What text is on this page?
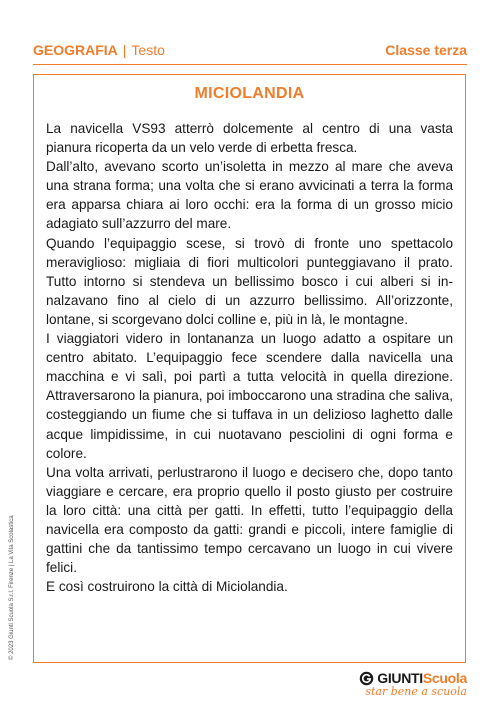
GEOGRAFIA | Testo	Classe terza
MICIOLANDIA

La navicella VS93 atterrò dolcemente al centro di una vasta pianura ricoperta da un velo verde di erbetta fresca.

Dall’alto, avevano scorto un’isoletta in mezzo al mare che aveva una strana forma; una volta che si erano avvicinati a terra la forma era apparsa chiara ai loro occhi: era la forma di un grosso micio adagiato sull’azzurro del mare.

Quando l’equipaggio scese, si trovò di fronte uno spettacolo meraviglioso: migliaia di fiori multicolori punteggiavano il prato. Tutto intorno si stendeva un bellissimo bosco i cui alberi si innalzavano fino al cielo di un azzurro bellissimo. All’orizzonte, lontane, si scorgevano dolci colline e, più in là, le montagne.

I viaggiatori videro in lontananza un luogo adatto a ospitare un centro abitato. L’equipaggio fece scendere dalla navicella una macchina e vi salì, poi partì a tutta velocità in quella direzione. Attraversarono la pianura, poi imboccarono una stradina che saliva, costeggiando un fiume che si tuffava in un delizioso laghetto dalle acque limpidissime, in cui nuotavano pesciolini di ogni forma e colore.

Una volta arrivati, perlustrarono il luogo e decisero che, dopo tanto viaggiare e cercare, era proprio quello il posto giusto per costruire la loro città: una città per gatti. In effetti, tutto l’equipaggio della navicella era composto da gatti: grandi e piccoli, intere famiglie di gattini che da tantissimo tempo cercavano un luogo in cui vivere felici.

E così costruirono la città di Miciolandia.

© 2023 Giunti Scuola S.r.l. Firenze | La Vita Scolastica
GIUNTIScuola
star bene a scuola
